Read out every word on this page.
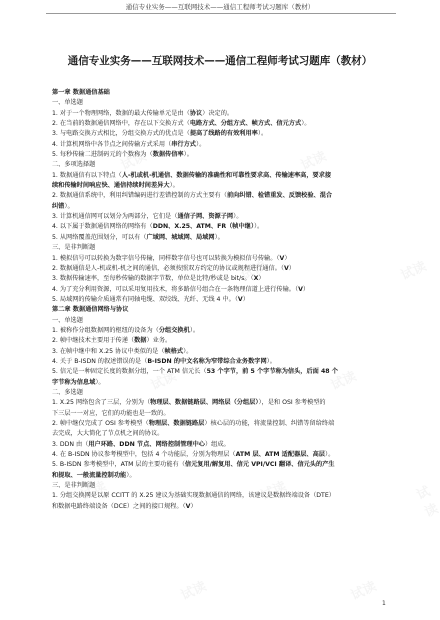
通信专业实务——互联网技术——通信工程师考试习题库（教材）
通信专业实务——互联网技术——通信工程师考试习题库（教材）
第一章 数据通信基础
一、单选题
1. 对于一个物理网络，数据的最大传输单元是由（协议）决定的。
2. 在当前的数据通信网络中，存在以下交换方式（电路方式、分组方式、帧方式、信元方式）。
3. 与电路交换方式相比，分组交换方式的优点是（提高了线路的有效利用率）。
4. 计算机网络中各节点之间传输方式采用（串行方式）。
5. 每秒传输二进制码元的个数称为（数据传信率）。
二、多项选择题
1. 数据通信有以下特点（人-机或机-机通信、数据传输的准确性和可靠性要求高、传输速率高，要求接
续和传输时间响应快、通信持续时间差异大）。
2. 数据通信系统中，利用纠错编码进行差错控制的方式主要有（前向纠错、检错重发、反馈校验、混合
纠错）。
3. 计算机通信网可以划分为两部分，它们是（通信子网、资源子网）。
4. 以下属于数据通信网络的网络有（DDN、X.25、ATM、FR（帧中继））。
5. 从网络覆盖范围划分，可以有（广域网、城域网、局域网）。
三、是非判断题
1. 模拟信号可以转换为数字信号传输，同样数字信号也可以转换为模拟信号传输。（V）
2. 数据通信是人-机或机-机之间的通信，必须按照双方约定的协议或规程进行通信。（V）
3. 数据传输速率，至每秒传输的数据字节数，单位是比特/秒或是 bit/s。（X）
4. 为了充分利用资源，可以采用复用技术，将多路信号组合在一条物理信道上进行传输。（V）
5. 局域网的传输介质通常有同轴电缆、双绞线、光纤、无线 4 中。（V）
第二章 数据通信网络与协议
一、单选题
1. 被称作分组数据网的枢纽的设备为（分组交换机）。
2. 帧中继技术主要用于传递（数据）业务。
3. 在帧中继中和 X.25 协议中类似的是（帧格式）。
4. 关于 B-ISDN 的叙述错误的是（B-ISDN 的中文名称为窄带综合业务数字网）。
5. 信元是一种固定长度的数据分组，一个 ATM 信元长（53 个字节，前 5 个字节称为信头，后面 48 个
字节称为信息域）。
二、多选题
1. X.25 网络包含了三层，分别为（物理层、数据链路层、网络层（分组层）），是和 OSI 参考模型的
下三层一一对应，它们的功能也是一致的。
2. 帧中继仅完成了 OSI 参考模型（物理层、数据链路层）核心层的功能，将流量控制、纠错等留给终端
去完成，大大简化了节点机之间的协议。
3. DDN 由（用户环路、DDN 节点、网络控制管理中心）组成。
4. 在 B-ISDN 协议参考模型中，包括 4 个功能层，分别为物理层（ATM 层、ATM 适配器层、高层）。
5. B-ISDN 参考模型中，ATM 层的主要功能有（信元复用/解复用、信元 VPI/VCI 翻译、信元头的产生
和提取、一般流量控制功能）。
三、是非判断题
1. 分组交换网是以原 CCITT 的 X.25 建议为基础实现数据通信的网络，该建议是数据终端设备（DTE）
和数据电路终端设备（DCE）之间的接口规程。（V）
1
